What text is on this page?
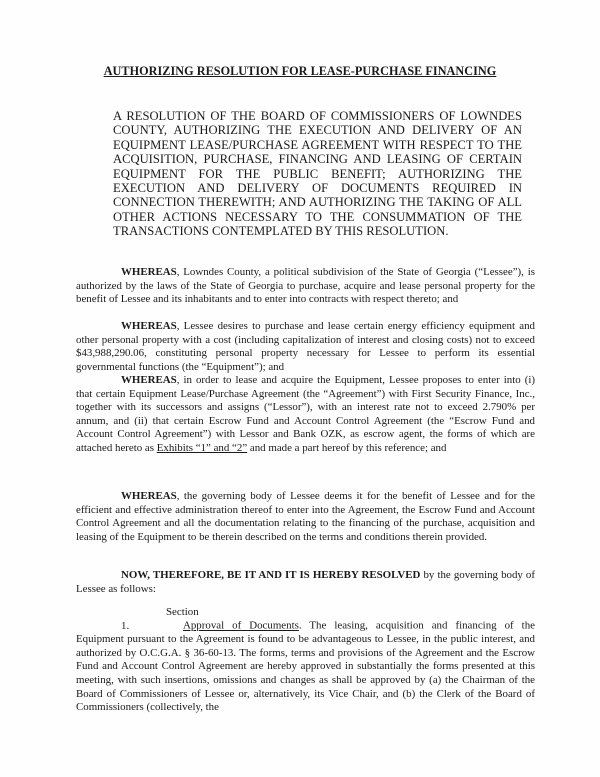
AUTHORIZING RESOLUTION FOR LEASE-PURCHASE FINANCING
A RESOLUTION OF THE BOARD OF COMMISSIONERS OF LOWNDES COUNTY, AUTHORIZING THE EXECUTION AND DELIVERY OF AN EQUIPMENT LEASE/PURCHASE AGREEMENT WITH RESPECT TO THE ACQUISITION, PURCHASE, FINANCING AND LEASING OF CERTAIN EQUIPMENT FOR THE PUBLIC BENEFIT; AUTHORIZING THE EXECUTION AND DELIVERY OF DOCUMENTS REQUIRED IN CONNECTION THEREWITH; AND AUTHORIZING THE TAKING OF ALL OTHER ACTIONS NECESSARY TO THE CONSUMMATION OF THE TRANSACTIONS CONTEMPLATED BY THIS RESOLUTION.
WHEREAS, Lowndes County, a political subdivision of the State of Georgia (“Lessee”), is authorized by the laws of the State of Georgia to purchase, acquire and lease personal property for the benefit of Lessee and its inhabitants and to enter into contracts with respect thereto; and
WHEREAS, Lessee desires to purchase and lease certain energy efficiency equipment and other personal property with a cost (including capitalization of interest and closing costs) not to exceed $43,988,290.06, constituting personal property necessary for Lessee to perform its essential governmental functions (the “Equipment”); and
WHEREAS, in order to lease and acquire the Equipment, Lessee proposes to enter into (i) that certain Equipment Lease/Purchase Agreement (the “Agreement”) with First Security Finance, Inc., together with its successors and assigns (“Lessor”), with an interest rate not to exceed 2.790% per annum, and (ii) that certain Escrow Fund and Account Control Agreement (the “Escrow Fund and Account Control Agreement”) with Lessor and Bank OZK, as escrow agent, the forms of which are attached hereto as Exhibits “1” and “2” and made a part hereof by this reference; and
WHEREAS, the governing body of Lessee deems it for the benefit of Lessee and for the efficient and effective administration thereof to enter into the Agreement, the Escrow Fund and Account Control Agreement and all the documentation relating to the financing of the purchase, acquisition and leasing of the Equipment to be therein described on the terms and conditions therein provided.
NOW, THEREFORE, BE IT AND IT IS HEREBY RESOLVED by the governing body of Lessee as follows:
Section 1.	Approval of Documents. The leasing, acquisition and financing of the Equipment pursuant to the Agreement is found to be advantageous to Lessee, in the public interest, and authorized by O.C.G.A. § 36-60-13. The forms, terms and provisions of the Agreement and the Escrow Fund and Account Control Agreement are hereby approved in substantially the forms presented at this meeting, with such insertions, omissions and changes as shall be approved by (a) the Chairman of the Board of Commissioners of Lessee or, alternatively, its Vice Chair, and (b) the Clerk of the Board of Commissioners (collectively, the
